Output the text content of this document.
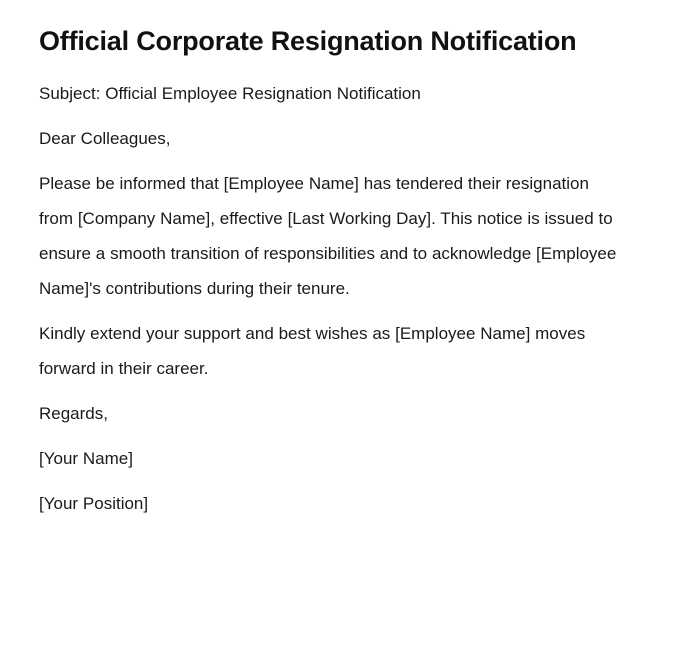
Official Corporate Resignation Notification

Subject: Official Employee Resignation Notification

Dear Colleagues,

Please be informed that [Employee Name] has tendered their resignation from [Company Name], effective [Last Working Day]. This notice is issued to ensure a smooth transition of responsibilities and to acknowledge [Employee Name]'s contributions during their tenure.

Kindly extend your support and best wishes as [Employee Name] moves forward in their career.

Regards,

[Your Name]

[Your Position]
